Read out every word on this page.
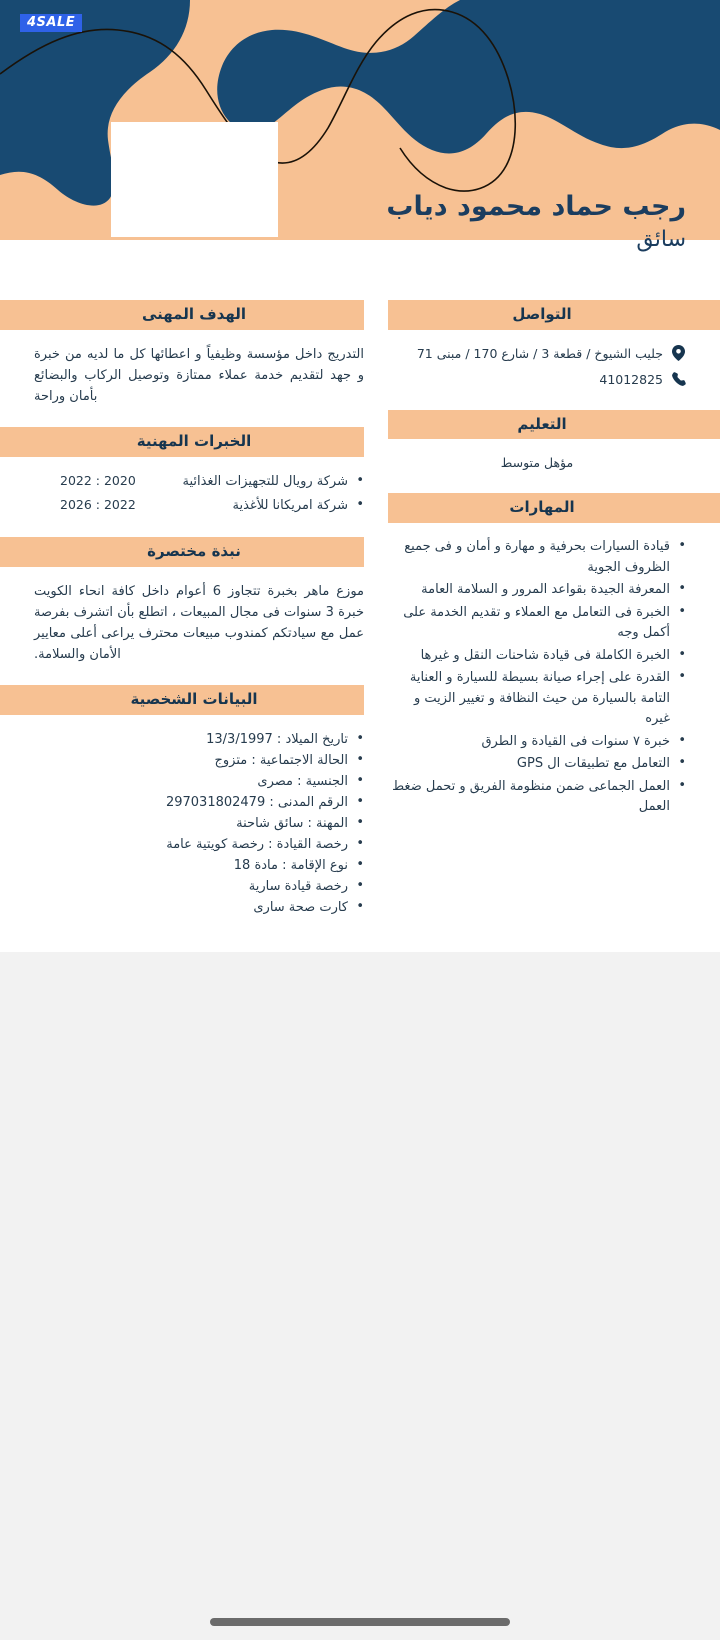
4SALE
رجب حماد محمود دياب
سائق
التواصل
جليب الشيوخ / قطعة 3 / شارع 170 / مبنى 71
41012825
التعليم
مؤهل متوسط
المهارات
• قيادة السيارات بحرفية و مهارة و أمان و فى جميع الظروف الجوية
• المعرفة الجيدة بقواعد المرور و السلامة العامة
• الخبرة فى التعامل مع العملاء و تقديم الخدمة على أكمل وجه
• الخبرة الكاملة فى قيادة شاحنات النقل و غيرها
• القدرة على إجراء صيانة بسيطة للسيارة و العناية التامة بالسيارة من حيث النظافة و تغيير الزيت و غيره
• خبرة ٧ سنوات فى القيادة و الطرق
• التعامل مع تطبيقات ال GPS
• العمل الجماعى ضمن منظومة الفريق و تحمل ضغط العمل
الهدف المهنى
التدريج داخل مؤسسة وظيفياً و اعطائها كل ما لديه من خبرة و جهد لتقديم خدمة عملاء ممتازة وتوصيل الركاب والبضائع بأمان وراحة
الخبرات المهنية
• شركة رويال للتجهيزات الغذائية
2022 : 2020
• شركة امريكانا للأغذية
2026 : 2022
نبذة مختصرة
موزع ماهر بخبرة تتجاوز 6 أعوام داخل كافة انحاء الكويت خبرة 3 سنوات فى مجال المبيعات ، اتطلع بأن اتشرف بفرصة عمل مع سيادتكم كمندوب مبيعات محترف يراعى أعلى معايير الأمان والسلامة.
البيانات الشخصية
• تاريخ الميلاد : 13/3/1997
• الحالة الاجتماعية : متزوج
• الجنسية : مصرى
• الرقم المدنى : 297031802479
• المهنة : سائق شاحنة
• رخصة القيادة : رخصة كويتية عامة
• نوع الإقامة : مادة 18
• رخصة قيادة سارية
• كارت صحة سارى
